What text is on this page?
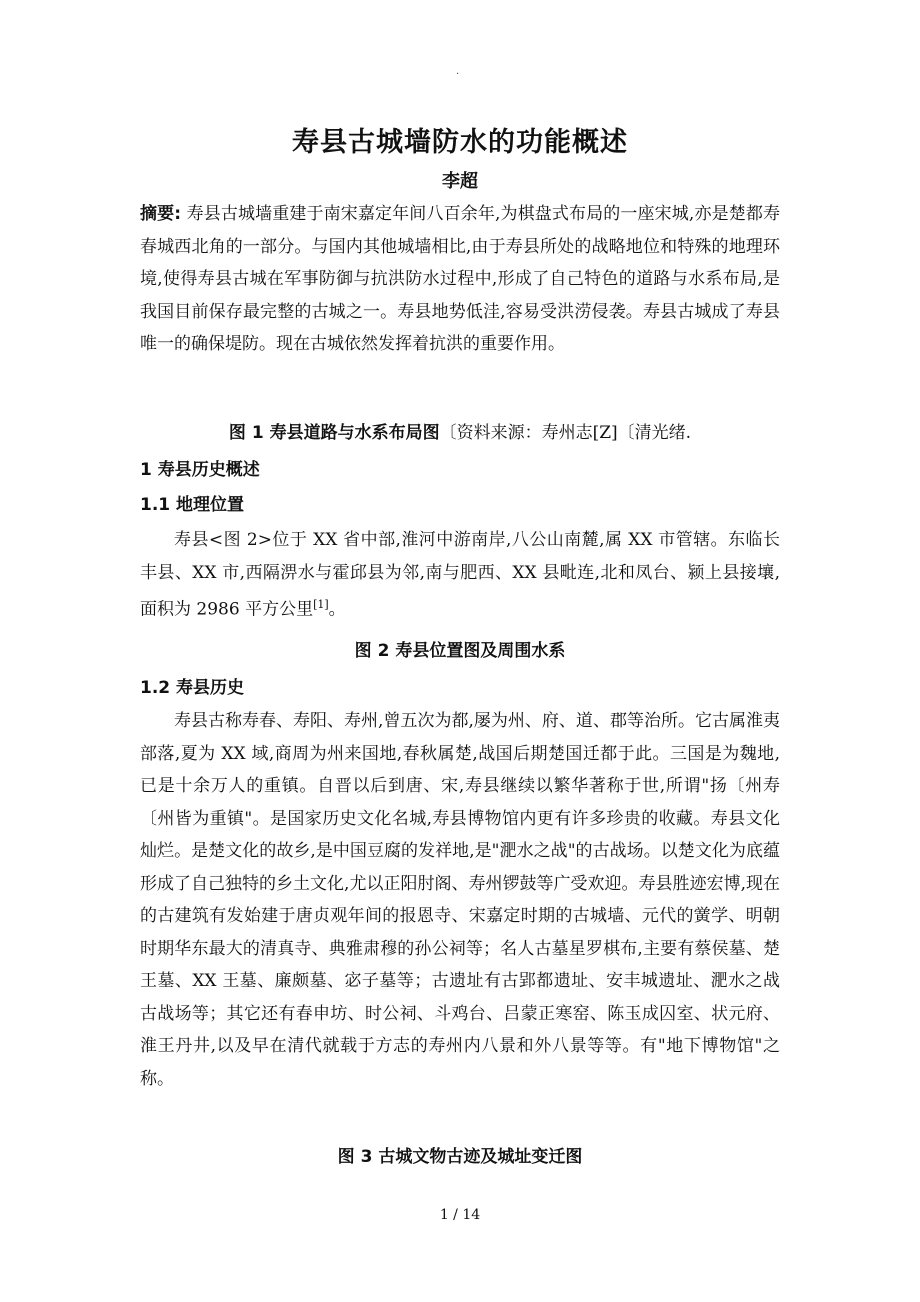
.
寿县古城墙防水的功能概述
李超
摘要: 寿县古城墙重建于南宋嘉定年间八百余年,为棋盘式布局的一座宋城,亦是楚都寿春城西北角的一部分。与国内其他城墙相比,由于寿县所处的战略地位和特殊的地理环境,使得寿县古城在军事防御与抗洪防水过程中,形成了自己特色的道路与水系布局,是我国目前保存最完整的古城之一。寿县地势低洼,容易受洪涝侵袭。寿县古城成了寿县唯一的确保堤防。现在古城依然发挥着抗洪的重要作用。
图 1 寿县道路与水系布局图〔资料来源：寿州志[Z]〔清光绪.
1 寿县历史概述
1.1 地理位置
寿县<图 2>位于 XX 省中部,淮河中游南岸,八公山南麓,属 XX 市管辖。东临长丰县、XX 市,西隔淠水与霍邱县为邻,南与肥西、XX 县毗连,北和凤台、颍上县接壤,面积为 2986 平方公里[1]。
图 2 寿县位置图及周围水系
1.2 寿县历史
寿县古称寿春、寿阳、寿州,曾五次为都,屡为州、府、道、郡等治所。它古属淮夷部落,夏为 XX 域,商周为州来国地,春秋属楚,战国后期楚国迁都于此。三国是为魏地,已是十余万人的重镇。自晋以后到唐、宋,寿县继续以繁华著称于世,所谓"扬〔州寿〔州皆为重镇"。是国家历史文化名城,寿县博物馆内更有许多珍贵的收藏。寿县文化灿烂。是楚文化的故乡,是中国豆腐的发祥地,是"淝水之战"的古战场。以楚文化为底蕴形成了自己独特的乡土文化,尤以正阳肘阁、寿州锣鼓等广受欢迎。寿县胜迹宏博,现在的古建筑有发始建于唐贞观年间的报恩寺、宋嘉定时期的古城墙、元代的黉学、明朝时期华东最大的清真寺、典雅肃穆的孙公祠等；名人古墓星罗棋布,主要有蔡侯墓、楚王墓、XX 王墓、廉颇墓、宓子墓等；古遗址有古郢都遗址、安丰城遗址、淝水之战古战场等；其它还有春申坊、时公祠、斗鸡台、吕蒙正寒窑、陈玉成囚室、状元府、淮王丹井,以及早在清代就载于方志的寿州内八景和外八景等等。有"地下博物馆"之称。
图 3 古城文物古迹及城址变迁图
1 / 14
